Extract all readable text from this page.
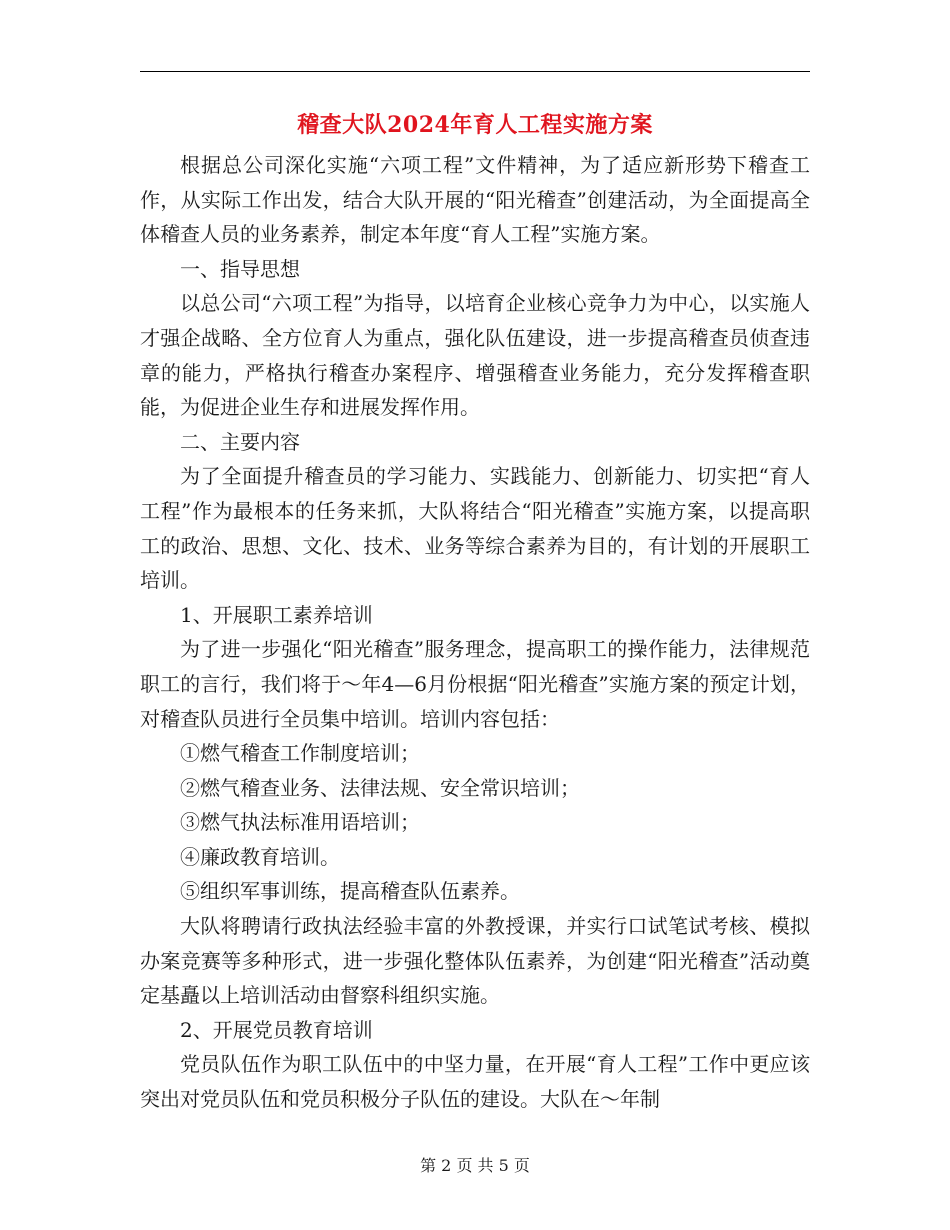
稽查大队2024年育人工程实施方案

根据总公司深化实施“六项工程”文件精神，为了适应新形势下稽查工作，从实际工作出发，结合大队开展的“阳光稽查”创建活动，为全面提高全体稽查人员的业务素养，制定本年度“育人工程”实施方案。

一、指导思想

以总公司“六项工程”为指导，以培育企业核心竞争力为中心，以实施人才强企战略、全方位育人为重点，强化队伍建设，进一步提高稽查员侦查违章的能力，严格执行稽查办案程序、增强稽查业务能力，充分发挥稽查职能，为促进企业生存和进展发挥作用。

二、主要内容

为了全面提升稽查员的学习能力、实践能力、创新能力、切实把“育人工程”作为最根本的任务来抓，大队将结合“阳光稽查”实施方案，以提高职工的政治、思想、文化、技术、业务等综合素养为目的，有计划的开展职工培训。

1、开展职工素养培训

为了进一步强化“阳光稽查”服务理念，提高职工的操作能力，法律规范职工的言行，我们将于～年4—6月份根据“阳光稽查”实施方案的预定计划，对稽查队员进行全员集中培训。培训内容包括：

①燃气稽查工作制度培训；

②燃气稽查业务、法律法规、安全常识培训；

③燃气执法标准用语培训；

④廉政教育培训。

⑤组织军事训练，提高稽查队伍素养。

大队将聘请行政执法经验丰富的外教授课，并实行口试笔试考核、模拟办案竞赛等多种形式，进一步强化整体队伍素养，为创建“阳光稽查”活动奠定基矗以上培训活动由督察科组织实施。

2、开展党员教育培训

党员队伍作为职工队伍中的中坚力量，在开展“育人工程”工作中更应该突出对党员队伍和党员积极分子队伍的建设。大队在～年制

第 2 页 共 5 页
